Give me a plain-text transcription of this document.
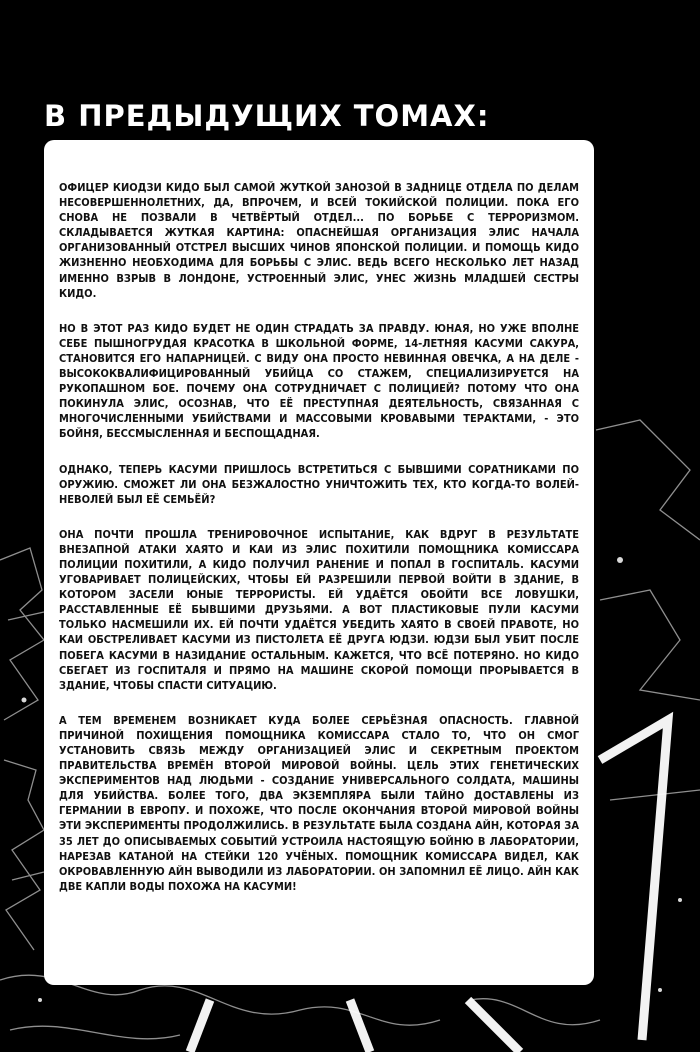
В ПРЕДЫДУЩИХ ТОМАХ:

ОФИЦЕР КИОДЗИ КИДО БЫЛ САМОЙ ЖУТКОЙ ЗАНОЗОЙ В ЗАДНИЦЕ ОТДЕЛА ПО ДЕЛАМ НЕСОВЕРШЕННОЛЕТНИХ, ДА, ВПРОЧЕМ, И ВСЕЙ ТОКИЙСКОЙ ПОЛИЦИИ. ПОКА ЕГО СНОВА НЕ ПОЗВАЛИ В ЧЕТВЁРТЫЙ ОТДЕЛ... ПО БОРЬБЕ С ТЕРРОРИЗМОМ. СКЛАДЫВАЕТСЯ ЖУТКАЯ КАРТИНА: ОПАСНЕЙШАЯ ОРГАНИЗАЦИЯ ЭЛИС НАЧАЛА ОРГАНИЗОВАННЫЙ ОТСТРЕЛ ВЫСШИХ ЧИНОВ ЯПОНСКОЙ ПОЛИЦИИ. И ПОМОЩЬ КИДО ЖИЗНЕННО НЕОБХОДИМА ДЛЯ БОРЬБЫ С ЭЛИС. ВЕДЬ ВСЕГО НЕСКОЛЬКО ЛЕТ НАЗАД ИМЕННО ВЗРЫВ В ЛОНДОНЕ, УСТРОЕННЫЙ ЭЛИС, УНЕС ЖИЗНЬ МЛАДШЕЙ СЕСТРЫ КИДО.

НО В ЭТОТ РАЗ КИДО БУДЕТ НЕ ОДИН СТРАДАТЬ ЗА ПРАВДУ. ЮНАЯ, НО УЖЕ ВПОЛНЕ СЕБЕ ПЫШНОГРУДАЯ КРАСОТКА В ШКОЛЬНОЙ ФОРМЕ, 14-ЛЕТНЯЯ КАСУМИ САКУРА, СТАНОВИТСЯ ЕГО НАПАРНИЦЕЙ. С ВИДУ ОНА ПРОСТО НЕВИННАЯ ОВЕЧКА, А НА ДЕЛЕ - ВЫСОКОКВАЛИФИЦИРОВАННЫЙ УБИЙЦА СО СТАЖЕМ, СПЕЦИАЛИЗИРУЕТСЯ НА РУКОПАШНОМ БОЕ. ПОЧЕМУ ОНА СОТРУДНИЧАЕТ С ПОЛИЦИЕЙ? ПОТОМУ ЧТО ОНА ПОКИНУЛА ЭЛИС, ОСОЗНАВ, ЧТО ЕЁ ПРЕСТУПНАЯ ДЕЯТЕЛЬНОСТЬ, СВЯЗАННАЯ С МНОГОЧИСЛЕННЫМИ УБИЙСТВАМИ И МАССОВЫМИ КРОВАВЫМИ ТЕРАКТАМИ, - ЭТО БОЙНЯ, БЕССМЫСЛЕННАЯ И БЕСПОЩАДНАЯ.

ОДНАКО, ТЕПЕРЬ КАСУМИ ПРИШЛОСЬ ВСТРЕТИТЬСЯ С БЫВШИМИ СОРАТНИКАМИ ПО ОРУЖИЮ. СМОЖЕТ ЛИ ОНА БЕЗЖАЛОСТНО УНИЧТОЖИТЬ ТЕХ, КТО КОГДА-ТО ВОЛЕЙ-НЕВОЛЕЙ БЫЛ ЕЁ СЕМЬЁЙ?

ОНА ПОЧТИ ПРОШЛА ТРЕНИРОВОЧНОЕ ИСПЫТАНИЕ, КАК ВДРУГ В РЕЗУЛЬТАТЕ ВНЕЗАПНОЙ АТАКИ ХАЯТО И КАИ ИЗ ЭЛИС ПОХИТИЛИ ПОМОЩНИКА КОМИССАРА ПОЛИЦИИ ПОХИТИЛИ, А КИДО ПОЛУЧИЛ РАНЕНИЕ И ПОПАЛ В ГОСПИТАЛЬ. КАСУМИ УГОВАРИВАЕТ ПОЛИЦЕЙСКИХ, ЧТОБЫ ЕЙ РАЗРЕШИЛИ ПЕРВОЙ ВОЙТИ В ЗДАНИЕ, В КОТОРОМ ЗАСЕЛИ ЮНЫЕ ТЕРРОРИСТЫ. ЕЙ УДАЁТСЯ ОБОЙТИ ВСЕ ЛОВУШКИ, РАССТАВЛЕННЫЕ ЕЁ БЫВШИМИ ДРУЗЬЯМИ. А ВОТ ПЛАСТИКОВЫЕ ПУЛИ КАСУМИ ТОЛЬКО НАСМЕШИЛИ ИХ. ЕЙ ПОЧТИ УДАЁТСЯ УБЕДИТЬ ХАЯТО В СВОЕЙ ПРАВОТЕ, НО КАИ ОБСТРЕЛИВАЕТ КАСУМИ ИЗ ПИСТОЛЕТА ЕЁ ДРУГА ЮДЗИ. ЮДЗИ БЫЛ УБИТ ПОСЛЕ ПОБЕГА КАСУМИ В НАЗИДАНИЕ ОСТАЛЬНЫМ. КАЖЕТСЯ, ЧТО ВСЁ ПОТЕРЯНО. НО КИДО СБЕГАЕТ ИЗ ГОСПИТАЛЯ И ПРЯМО НА МАШИНЕ СКОРОЙ ПОМОЩИ ПРОРЫВАЕТСЯ В ЗДАНИЕ, ЧТОБЫ СПАСТИ СИТУАЦИЮ.

А ТЕМ ВРЕМЕНЕМ ВОЗНИКАЕТ КУДА БОЛЕЕ СЕРЬЁЗНАЯ ОПАСНОСТЬ. ГЛАВНОЙ ПРИЧИНОЙ ПОХИЩЕНИЯ ПОМОЩНИКА КОМИССАРА СТАЛО ТО, ЧТО ОН СМОГ УСТАНОВИТЬ СВЯЗЬ МЕЖДУ ОРГАНИЗАЦИЕЙ ЭЛИС И СЕКРЕТНЫМ ПРОЕКТОМ ПРАВИТЕЛЬСТВА ВРЕМЁН ВТОРОЙ МИРОВОЙ ВОЙНЫ. ЦЕЛЬ ЭТИХ ГЕНЕТИЧЕСКИХ ЭКСПЕРИМЕНТОВ НАД ЛЮДЬМИ - СОЗДАНИЕ УНИВЕРСАЛЬНОГО СОЛДАТА, МАШИНЫ ДЛЯ УБИЙСТВА. БОЛЕЕ ТОГО, ДВА ЭКЗЕМПЛЯРА БЫЛИ ТАЙНО ДОСТАВЛЕНЫ ИЗ ГЕРМАНИИ В ЕВРОПУ. И ПОХОЖЕ, ЧТО ПОСЛЕ ОКОНЧАНИЯ ВТОРОЙ МИРОВОЙ ВОЙНЫ ЭТИ ЭКСПЕРИМЕНТЫ ПРОДОЛЖИЛИСЬ. В РЕЗУЛЬТАТЕ БЫЛА СОЗДАНА АЙН, КОТОРАЯ ЗА 35 ЛЕТ ДО ОПИСЫВАЕМЫХ СОБЫТИЙ УСТРОИЛА НАСТОЯЩУЮ БОЙНЮ В ЛАБОРАТОРИИ, НАРЕЗАВ КАТАНОЙ НА СТЕЙКИ 120 УЧЁНЫХ. ПОМОЩНИК КОМИССАРА ВИДЕЛ, КАК ОКРОВАВЛЕННУЮ АЙН ВЫВОДИЛИ ИЗ ЛАБОРАТОРИИ. ОН ЗАПОМНИЛ ЕЁ ЛИЦО. АЙН КАК ДВЕ КАПЛИ ВОДЫ ПОХОЖА НА КАСУМИ!
